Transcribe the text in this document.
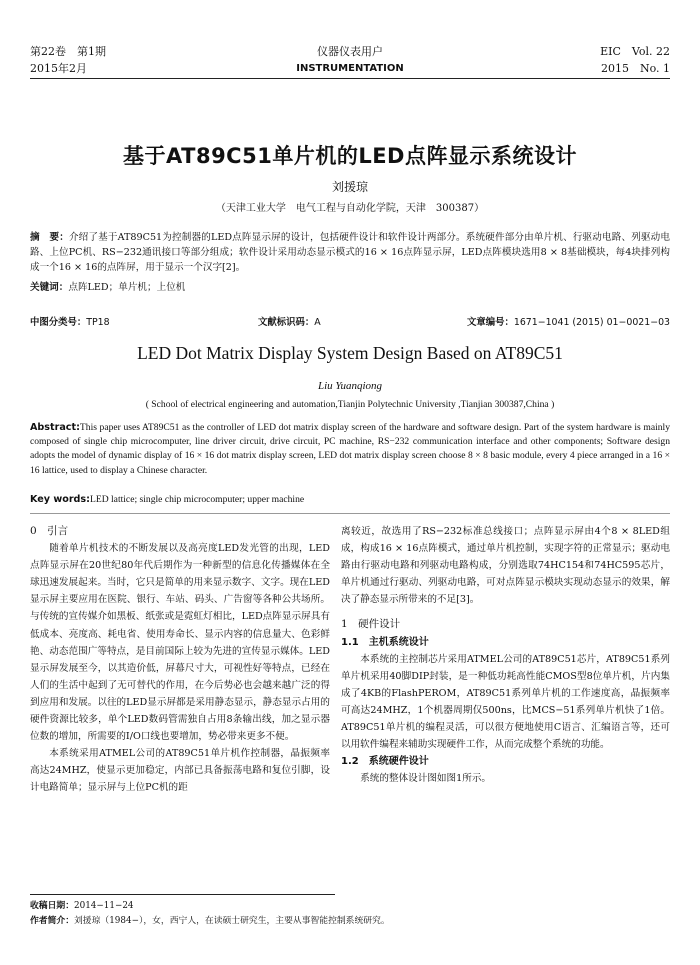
第22卷　第1期
2015年2月
仪器仪表用户
INSTRUMENTATION
EIC　Vol. 22
2015　No. 1
基于AT89C51单片机的LED点阵显示系统设计
刘援琼
（天津工业大学　电气工程与自动化学院，天津　300387）
摘　要：介绍了基于AT89C51为控制器的LED点阵显示屏的设计，包括硬件设计和软件设计两部分。系统硬件部分由单片机、行驱动电路、列驱动电路、上位PC机、RS−232通讯接口等部分组成；软件设计采用动态显示模式的16 × 16点阵显示屏，LED点阵模块选用8 × 8基础模块，每4块排列构成一个16 × 16的点阵屏，用于显示一个汉字[2]。
关键词：点阵LED；单片机；上位机
中图分类号：TP18	文献标识码：A	文章编号：1671−1041 (2015) 01−0021−03
LED Dot Matrix Display System Design Based on AT89C51
Liu Yuanqiong
( School of electrical engineering and automation,Tianjin Polytechnic University ,Tianjian 300387,China )
Abstract:This paper uses AT89C51 as the controller of LED dot matrix display screen of the hardware and software design. Part of the system hardware is mainly composed of single chip microcomputer, line driver circuit, drive circuit, PC machine, RS−232 communication interface and other components; Software design adopts the model of dynamic display of 16 × 16 dot matrix display screen, LED dot matrix display screen choose 8 × 8 basic module, every 4 piece arranged in a 16 × 16 lattice, used to display a Chinese character.
Key words:LED lattice; single chip microcomputer; upper machine

0　引言

随着单片机技术的不断发展以及高亮度LED发光管的出现，LED点阵显示屏在20世纪80年代后期作为一种新型的信息化传播媒体在全球迅速发展起来。当时，它只是简单的用来显示数字、文字。现在LED显示屏主要应用在医院、银行、车站、码头、广告窗等各种公共场所。与传统的宣传媒介如黑板、纸张或是霓虹灯相比，LED点阵显示屏具有低成本、亮度高、耗电省、使用寿命长、显示内容的信息量大、色彩鲜艳、动态范围广等特点，是目前国际上较为先进的宣传显示媒体。LED显示屏发展至今，以其造价低，屏幕尺寸大，可视性好等特点，已经在人们的生活中起到了无可替代的作用，在今后势必也会越来越广泛的得到应用和发展。以往的LED显示屏都是采用静态显示，静态显示占用的硬件资源比较多，单个LED数码管需独自占用8条输出线，加之显示器位数的增加，所需要的I/O口线也要增加，势必带来更多不便。

本系统采用ATMEL公司的AT89C51单片机作控制器，晶振频率高达24MHZ，使显示更加稳定，内部已具备振荡电路和复位引脚，设计电路简单；显示屏与上位PC机的距

离较近，故选用了RS−232标准总线接口；点阵显示屏由4个8 × 8LED组成，构成16 × 16点阵模式，通过单片机控制，实现字符的正常显示；驱动电路由行驱动电路和列驱动电路构成，分别选取74HC154和74HC595芯片，单片机通过行驱动、列驱动电路，可对点阵显示模块实现动态显示的效果，解决了静态显示所带来的不足[3]。

1　硬件设计

1.1　主机系统设计

本系统的主控制芯片采用ATMEL公司的AT89C51芯片，AT89C51系列单片机采用40脚DIP封装，是一种低功耗高性能CMOS型8位单片机，片内集成了4KB的FlashPEROM，AT89C51系列单片机的工作速度高，晶振频率可高达24MHZ，1个机器周期仅500ns，比MCS−51系列单片机快了1倍。AT89C51单片机的编程灵活，可以很方便地使用C语言、汇编语言等，还可以用软件编程来辅助实现硬件工作，从而完成整个系统的功能。

1.2　系统硬件设计

系统的整体设计图如图1所示。

收稿日期：2014−11−24
作者简介：刘援琼（1984−），女，西宁人，在读硕士研究生，主要从事智能控制系统研究。
